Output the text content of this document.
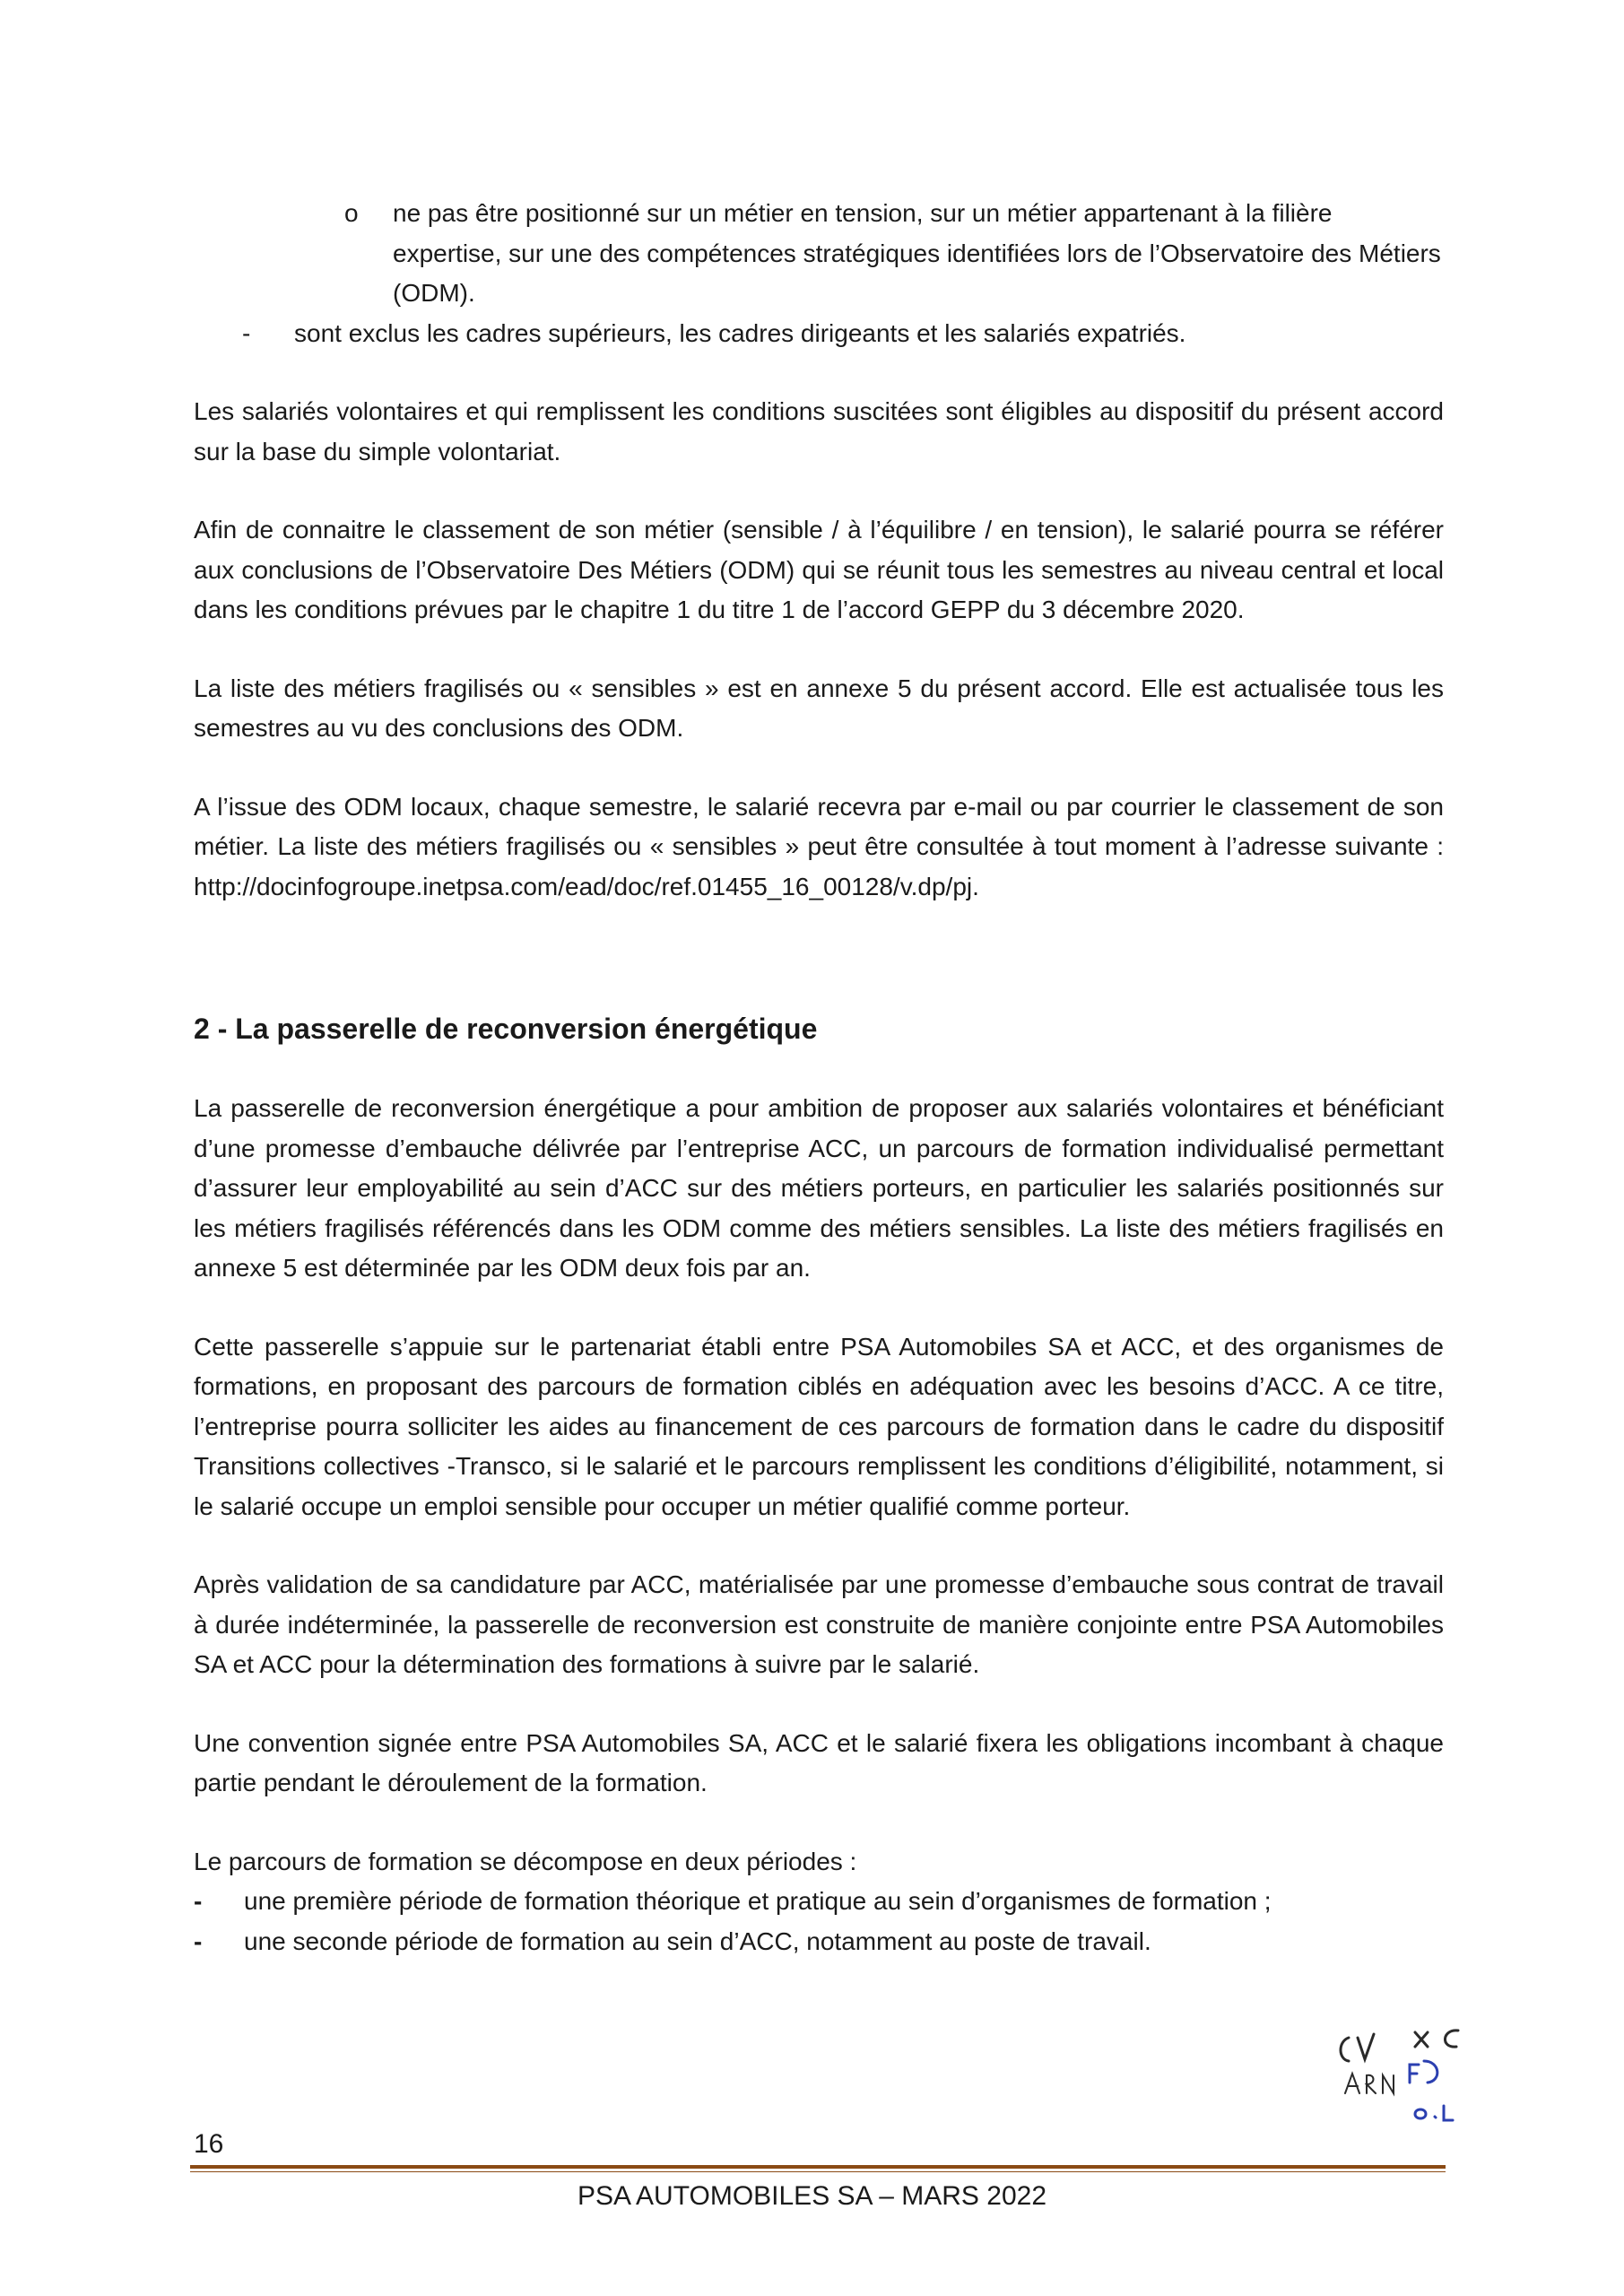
o ne pas être positionné sur un métier en tension, sur un métier appartenant à la filière expertise, sur une des compétences stratégiques identifiées lors de l’Observatoire des Métiers (ODM).

- sont exclus les cadres supérieurs, les cadres dirigeants et les salariés expatriés.

Les salariés volontaires et qui remplissent les conditions suscitées sont éligibles au dispositif du présent accord sur la base du simple volontariat.

Afin de connaitre le classement de son métier (sensible / à l’équilibre / en tension), le salarié pourra se référer aux conclusions de l’Observatoire Des Métiers (ODM) qui se réunit tous les semestres au niveau central et local dans les conditions prévues par le chapitre 1 du titre 1 de l’accord GEPP du 3 décembre 2020.

La liste des métiers fragilisés ou « sensibles » est en annexe 5 du présent accord. Elle est actualisée tous les semestres au vu des conclusions des ODM.

A l’issue des ODM locaux, chaque semestre, le salarié recevra par e-mail ou par courrier le classement de son métier. La liste des métiers fragilisés ou « sensibles » peut être consultée à tout moment à l’adresse suivante : http://docinfogroupe.inetpsa.com/ead/doc/ref.01455_16_00128/v.dp/pj.

2 - La passerelle de reconversion énergétique

La passerelle de reconversion énergétique a pour ambition de proposer aux salariés volontaires et bénéficiant d’une promesse d’embauche délivrée par l’entreprise ACC, un parcours de formation individualisé permettant d’assurer leur employabilité au sein d’ACC sur des métiers porteurs, en particulier les salariés positionnés sur les métiers fragilisés référencés dans les ODM comme des métiers sensibles. La liste des métiers fragilisés en annexe 5 est déterminée par les ODM deux fois par an.

Cette passerelle s’appuie sur le partenariat établi entre PSA Automobiles SA et ACC, et des organismes de formations, en proposant des parcours de formation ciblés en adéquation avec les besoins d’ACC. A ce titre, l’entreprise pourra solliciter les aides au financement de ces parcours de formation dans le cadre du dispositif Transitions collectives -Transco, si le salarié et le parcours remplissent les conditions d’éligibilité, notamment, si le salarié occupe un emploi sensible pour occuper un métier qualifié comme porteur.

Après validation de sa candidature par ACC, matérialisée par une promesse d’embauche sous contrat de travail à durée indéterminée, la passerelle de reconversion est construite de manière conjointe entre PSA Automobiles SA et ACC pour la détermination des formations à suivre par le salarié.

Une convention signée entre PSA Automobiles SA, ACC et le salarié fixera les obligations incombant à chaque partie pendant le déroulement de la formation.

Le parcours de formation se décompose en deux périodes :

- une première période de formation théorique et pratique au sein d’organismes de formation ;

- une seconde période de formation au sein d’ACC, notamment au poste de travail.

16
PSA AUTOMOBILES SA – MARS 2022
